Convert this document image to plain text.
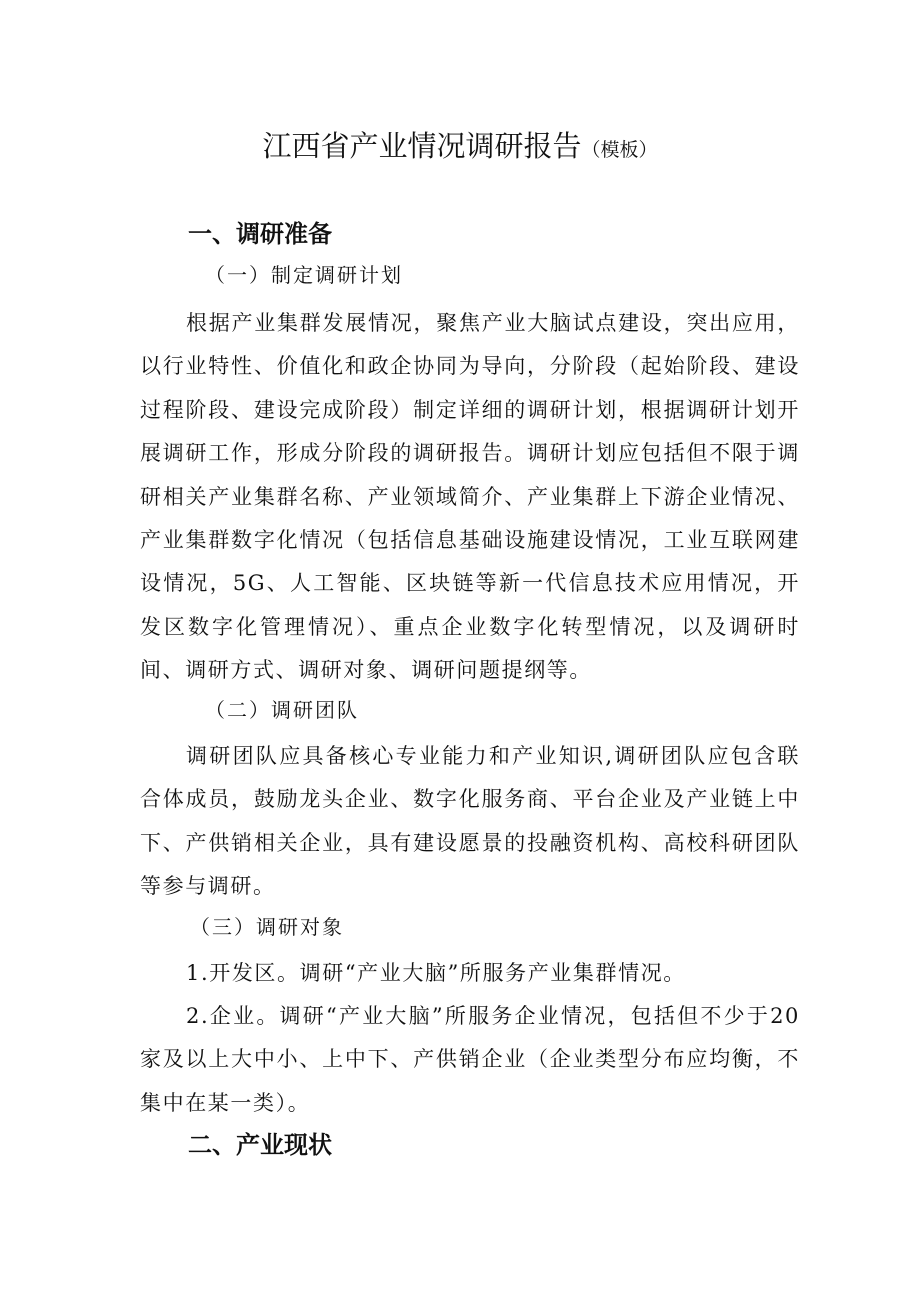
江西省产业情况调研报告（模板）
一、调研准备
（一）制定调研计划

根据产业集群发展情况，聚焦产业大脑试点建设，突出应用，以行业特性、价值化和政企协同为导向，分阶段（起始阶段、建设过程阶段、建设完成阶段）制定详细的调研计划，根据调研计划开展调研工作，形成分阶段的调研报告。调研计划应包括但不限于调研相关产业集群名称、产业领域简介、产业集群上下游企业情况、产业集群数字化情况（包括信息基础设施建设情况，工业互联网建设情况，5G、人工智能、区块链等新一代信息技术应用情况，开发区数字化管理情况）、重点企业数字化转型情况，以及调研时间、调研方式、调研对象、调研问题提纲等。

（二）调研团队

调研团队应具备核心专业能力和产业知识,调研团队应包含联合体成员，鼓励龙头企业、数字化服务商、平台企业及产业链上中下、产供销相关企业，具有建设愿景的投融资机构、高校科研团队等参与调研。

（三）调研对象

1.开发区。调研“产业大脑”所服务产业集群情况。

2.企业。调研“产业大脑”所服务企业情况，包括但不少于20家及以上大中小、上中下、产供销企业（企业类型分布应均衡，不集中在某一类）。

二、产业现状
